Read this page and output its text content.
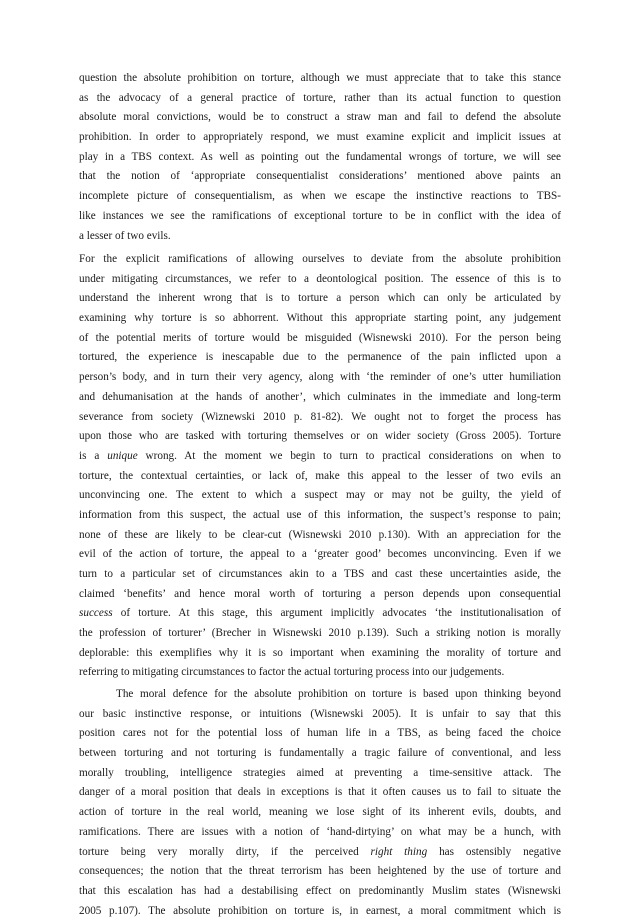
question the absolute prohibition on torture, although we must appreciate that to take this stance
as the advocacy of a general practice of torture, rather than its actual function to question
absolute moral convictions, would be to construct a straw man and fail to defend the absolute
prohibition. In order to appropriately respond, we must examine explicit and implicit issues at
play in a TBS context. As well as pointing out the fundamental wrongs of torture, we will see
that the notion of ‘appropriate consequentialist considerations’ mentioned above paints an
incomplete picture of consequentialism, as when we escape the instinctive reactions to TBS-
like instances we see the ramifications of exceptional torture to be in conflict with the idea of
a lesser of two evils.
For the explicit ramifications of allowing ourselves to deviate from the absolute prohibition
under mitigating circumstances, we refer to a deontological position. The essence of this is to
understand the inherent wrong that is to torture a person which can only be articulated by
examining why torture is so abhorrent. Without this appropriate starting point, any judgement
of the potential merits of torture would be misguided (Wisnewski 2010). For the person being
tortured, the experience is inescapable due to the permanence of the pain inflicted upon a
person’s body, and in turn their very agency, along with ‘the reminder of one’s utter humiliation
and dehumanisation at the hands of another’, which culminates in the immediate and long-term
severance from society (Wiznewski 2010 p. 81-82). We ought not to forget the process has
upon those who are tasked with torturing themselves or on wider society (Gross 2005). Torture
is a unique wrong. At the moment we begin to turn to practical considerations on when to
torture, the contextual certainties, or lack of, make this appeal to the lesser of two evils an
unconvincing one. The extent to which a suspect may or may not be guilty, the yield of
information from this suspect, the actual use of this information, the suspect’s response to pain;
none of these are likely to be clear-cut (Wisnewski 2010 p.130). With an appreciation for the
evil of the action of torture, the appeal to a ‘greater good’ becomes unconvincing. Even if we
turn to a particular set of circumstances akin to a TBS and cast these uncertainties aside, the
claimed ‘benefits’ and hence moral worth of torturing a person depends upon consequential
success of torture. At this stage, this argument implicitly advocates ‘the institutionalisation of
the profession of torturer’ (Brecher in Wisnewski 2010 p.139). Such a striking notion is morally
deplorable: this exemplifies why it is so important when examining the morality of torture and
referring to mitigating circumstances to factor the actual torturing process into our judgements.
The moral defence for the absolute prohibition on torture is based upon thinking beyond
our basic instinctive response, or intuitions (Wisnewski 2005). It is unfair to say that this
position cares not for the potential loss of human life in a TBS, as being faced the choice
between torturing and not torturing is fundamentally a tragic failure of conventional, and less
morally troubling, intelligence strategies aimed at preventing a time-sensitive attack. The
danger of a moral position that deals in exceptions is that it often causes us to fail to situate the
action of torture in the real world, meaning we lose sight of its inherent evils, doubts, and
ramifications. There are issues with a notion of ‘hand-dirtying’ on what may be a hunch, with
torture being very morally dirty, if the perceived right thing has ostensibly negative
consequences; the notion that the threat terrorism has been heightened by the use of torture and
that this escalation has had a destabilising effect on predominantly Muslim states (Wisnewski
2005 p.107). The absolute prohibition on torture is, in earnest, a moral commitment which is
